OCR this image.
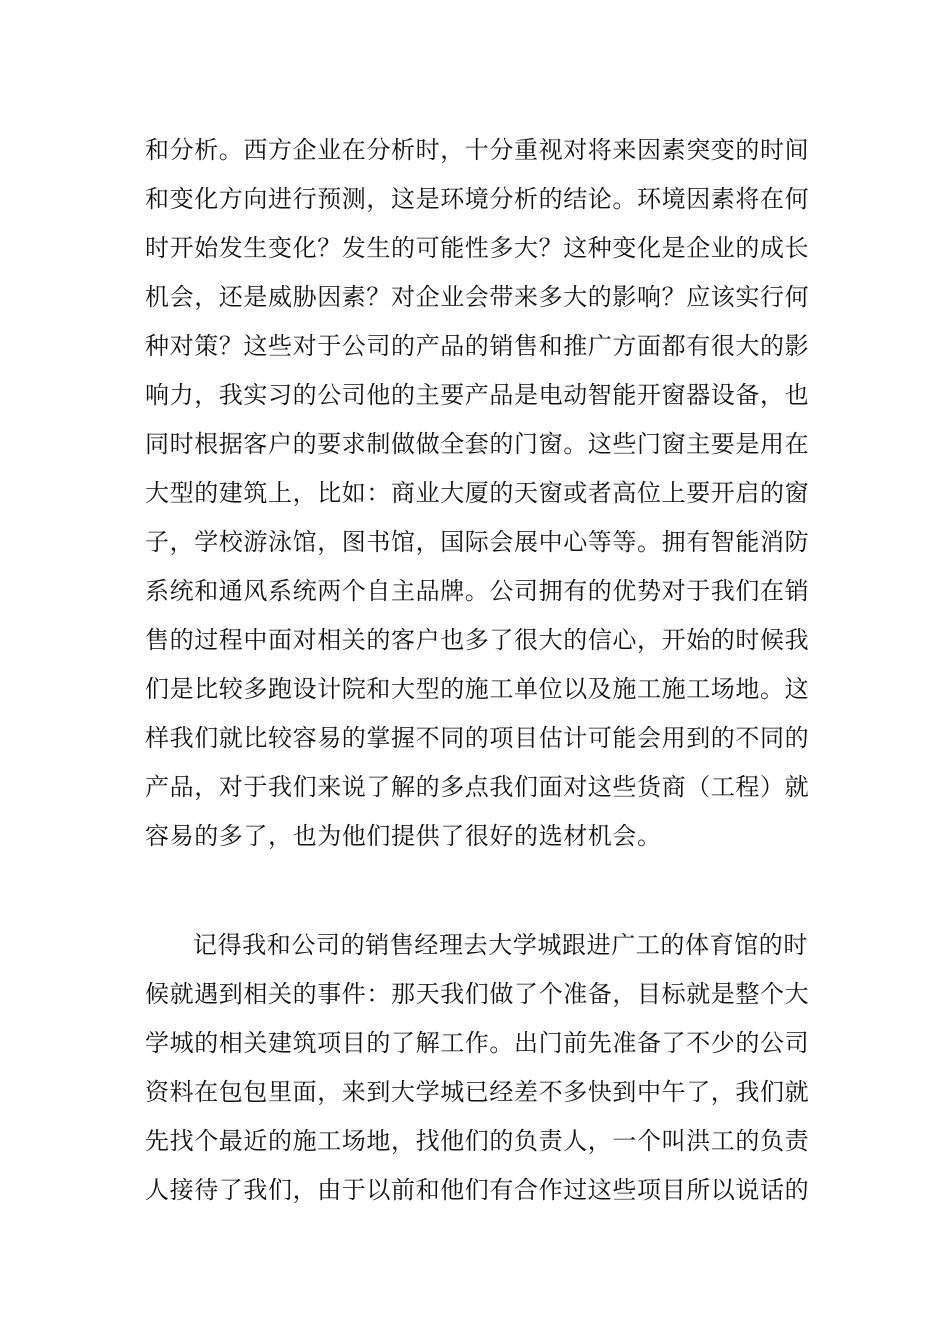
和分析。西方企业在分析时，十分重视对将来因素突变的时间
和变化方向进行预测，这是环境分析的结论。环境因素将在何
时开始发生变化？发生的可能性多大？这种变化是企业的成长
机会，还是威胁因素？对企业会带来多大的影响？应该实行何
种对策？这些对于公司的产品的销售和推广方面都有很大的影
响力，我实习的公司他的主要产品是电动智能开窗器设备，也
同时根据客户的要求制做做全套的门窗。这些门窗主要是用在
大型的建筑上，比如：商业大厦的天窗或者高位上要开启的窗
子，学校游泳馆，图书馆，国际会展中心等等。拥有智能消防
系统和通风系统两个自主品牌。公司拥有的优势对于我们在销
售的过程中面对相关的客户也多了很大的信心，开始的时候我
们是比较多跑设计院和大型的施工单位以及施工施工场地。这
样我们就比较容易的掌握不同的项目估计可能会用到的不同的
产品，对于我们来说了解的多点我们面对这些货商（工程）就
容易的多了，也为他们提供了很好的选材机会。
记得我和公司的销售经理去大学城跟进广工的体育馆的时
候就遇到相关的事件：那天我们做了个准备，目标就是整个大
学城的相关建筑项目的了解工作。出门前先准备了不少的公司
资料在包包里面，来到大学城已经差不多快到中午了，我们就
先找个最近的施工场地，找他们的负责人，一个叫洪工的负责
人接待了我们，由于以前和他们有合作过这些项目所以说话的
